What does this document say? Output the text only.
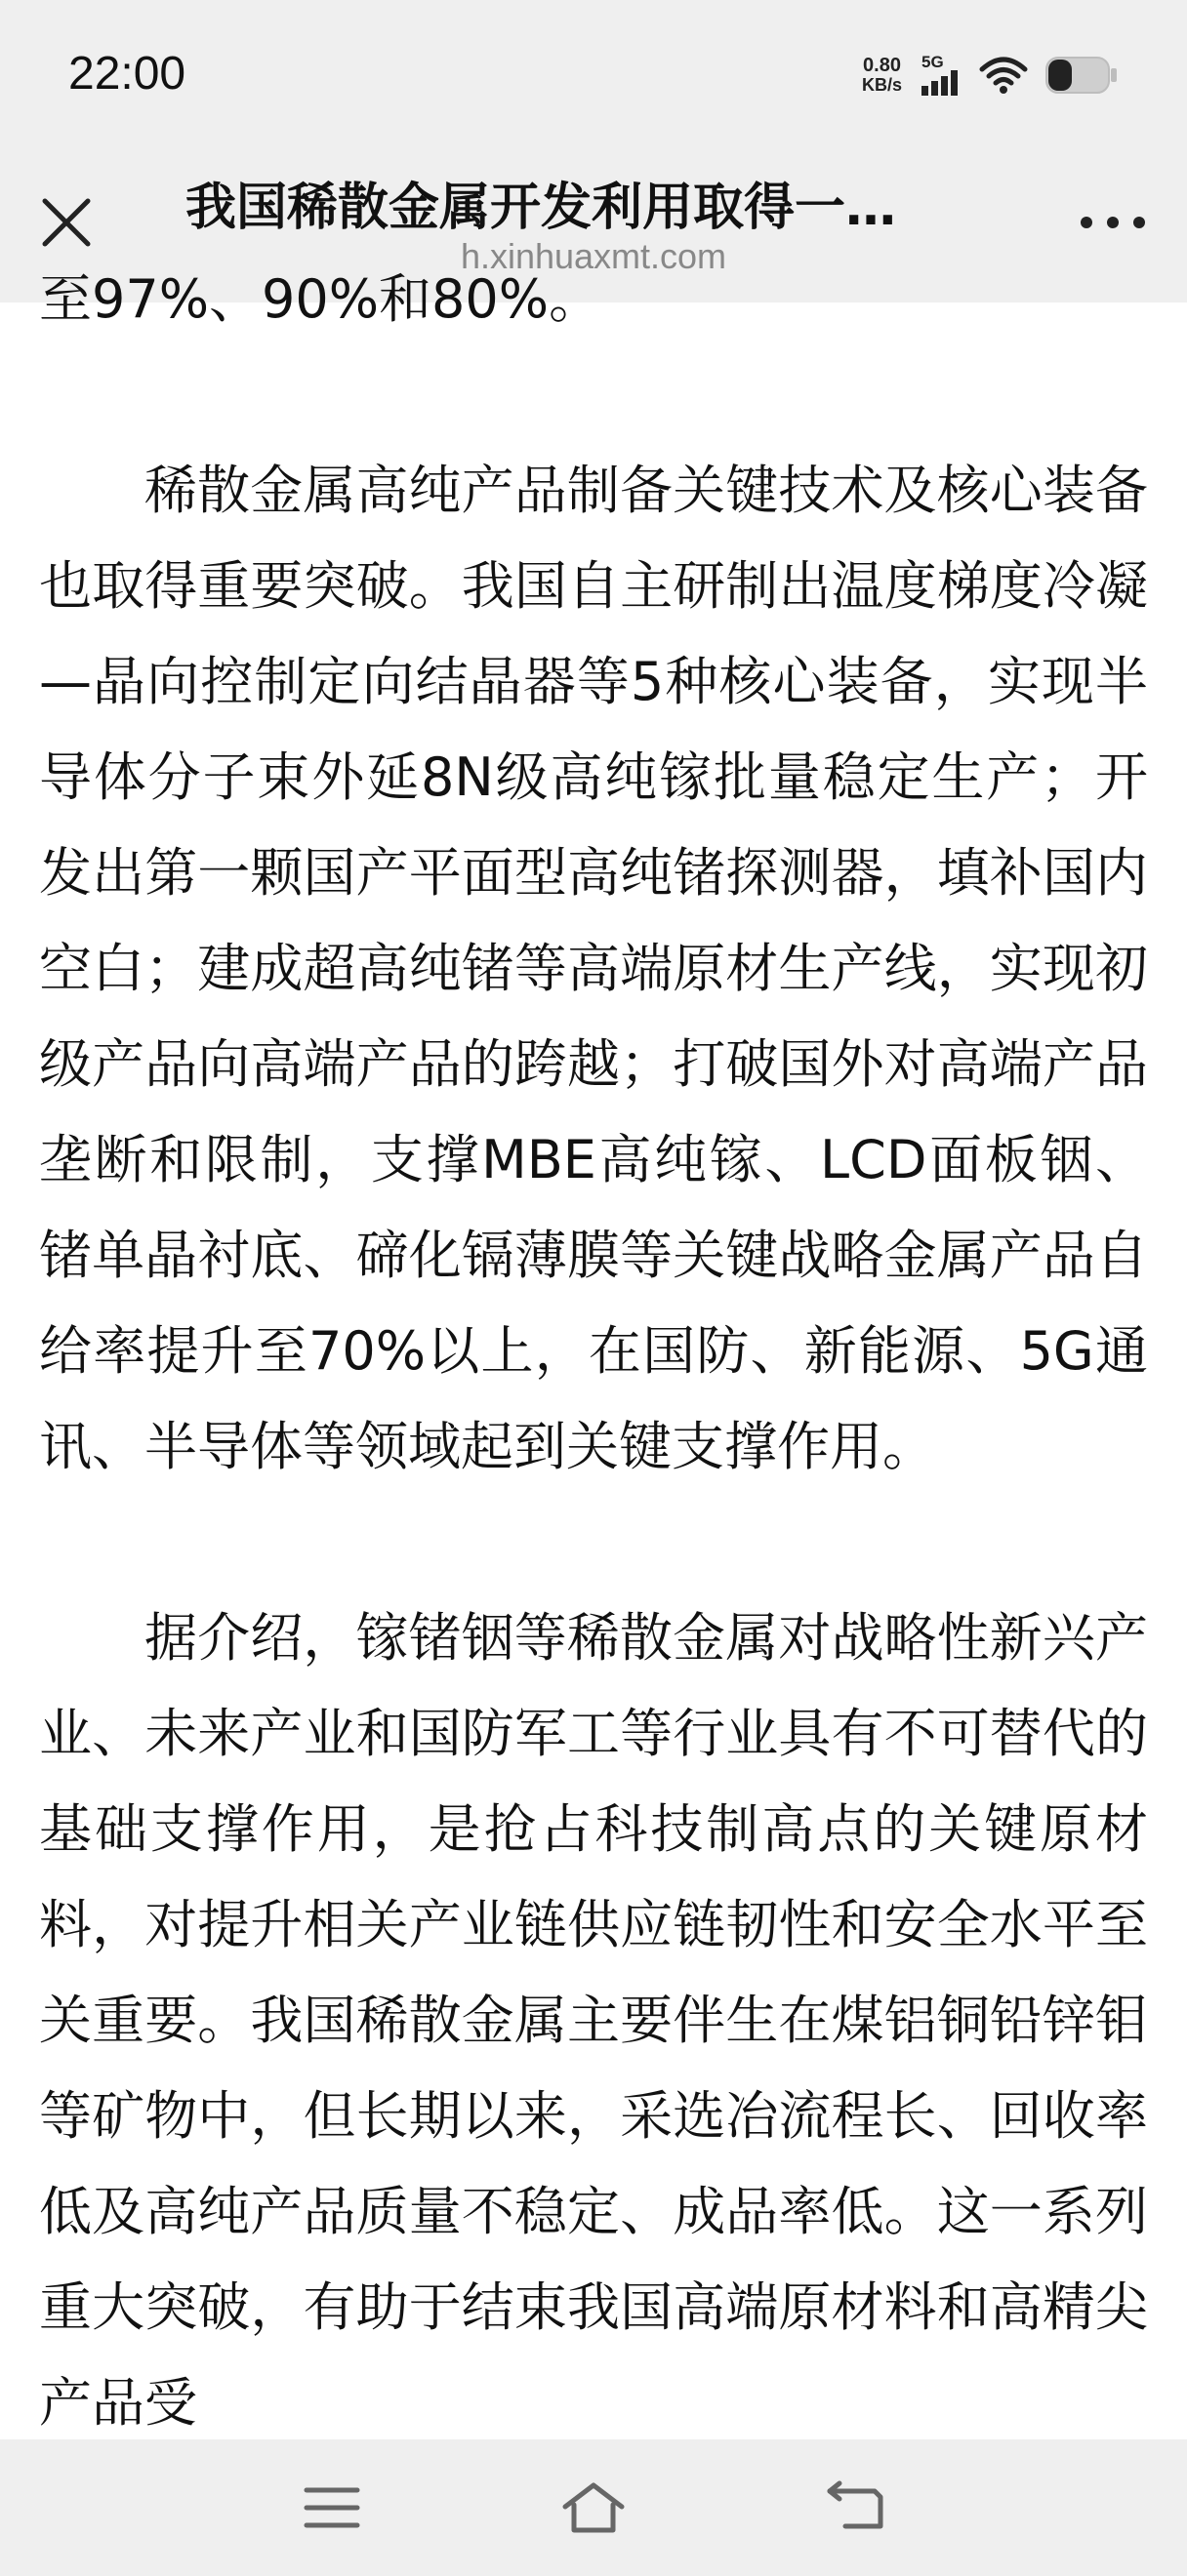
22:00	0.80
KB/s
5G
我国稀散金属开发利用取得一…
h.xinhuaxmt.com

至97%、90%和80%。

稀散金属高纯产品制备关键技术及核心装备也取得重要突破。我国自主研制出温度梯度冷凝—晶向控制定向结晶器等5种核心装备，实现半导体分子束外延8N级高纯镓批量稳定生产；开发出第一颗国产平面型高纯锗探测器，填补国内空白；建成超高纯锗等高端原材生产线，实现初级产品向高端产品的跨越；打破国外对高端产品垄断和限制，支撑MBE高纯镓、LCD面板铟、锗单晶衬底、碲化镉薄膜等关键战略金属产品自给率提升至70%以上，在国防、新能源、5G通讯、半导体等领域起到关键支撑作用。

据介绍，镓锗铟等稀散金属对战略性新兴产业、未来产业和国防军工等行业具有不可替代的基础支撑作用，是抢占科技制高点的关键原材料，对提升相关产业链供应链韧性和安全水平至关重要。我国稀散金属主要伴生在煤铝铜铅锌钼等矿物中，但长期以来，采选冶流程长、回收率低及高纯产品质量不稳定、成品率低。这一系列重大突破，有助于结束我国高端原材料和高精尖产品受
